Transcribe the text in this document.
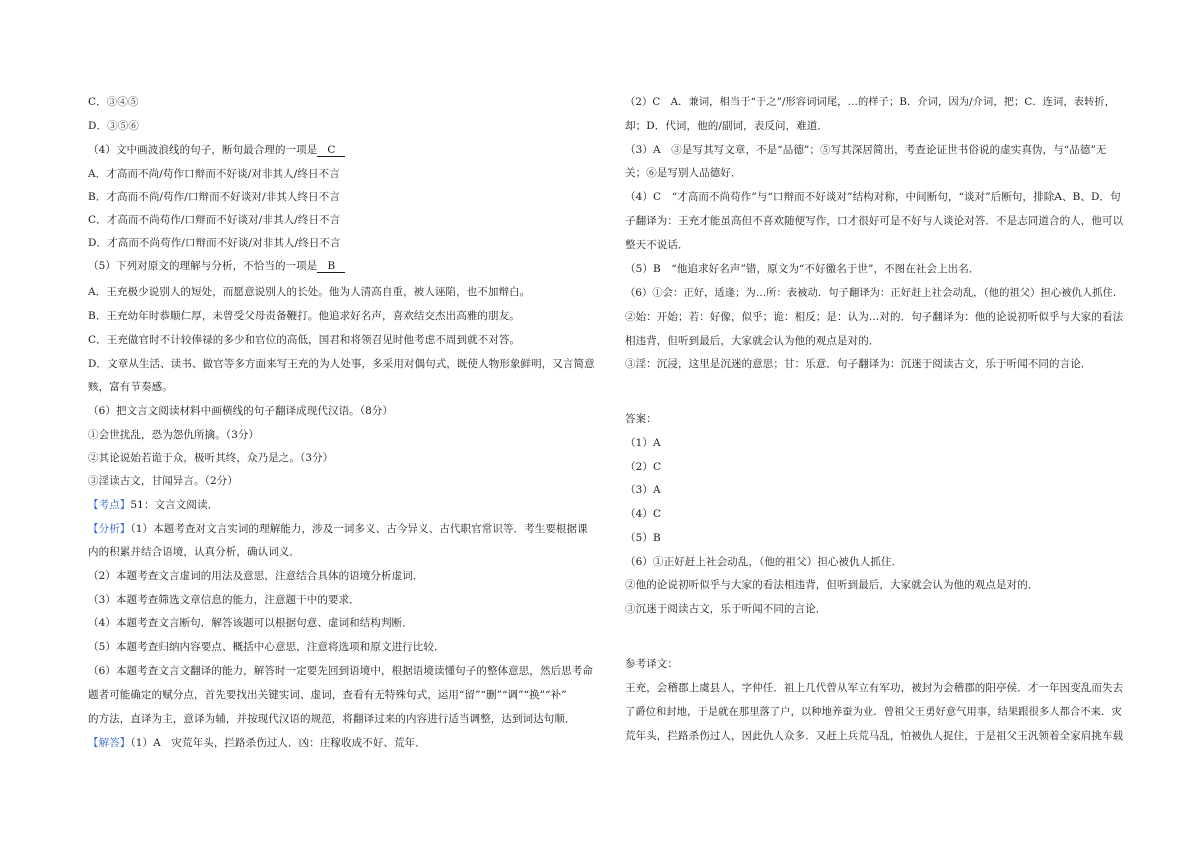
C．③④⑤
D．③⑤⑥
（4）文中画波浪线的句子，断句最合理的一项是 C
A．才高而不尚/苟作口辩而不好谈/对非其人/终日不言
B．才高而不尚/苟作/口辩而不好谈对/非其人终日不言
C．才高而不尚苟作/口辩而不好谈对/非其人/终日不言
D．才高而不尚苟作/口辩而不好谈/对非其人/终日不言
（5）下列对原文的理解与分析，不恰当的一项是 B
A．王充极少说别人的短处，而愿意说别人的长处。他为人清高自重，被人诬陷，也不加辩白。
B．王充幼年时恭顺仁厚，未曾受父母责备鞭打。他追求好名声，喜欢结交杰出高雅的朋友。
C．王充做官时不计较俸禄的多少和官位的高低，国君和将领召见时他考虑不周到就不对答。
D．文章从生活、读书、做官等多方面来写王充的为人处事，多采用对偶句式，既使人物形象鲜明，又言简意
赅，富有节奏感。
（6）把文言文阅读材料中画横线的句子翻译成现代汉语。（8分）
①会世扰乱，恐为怨仇所擒。（3分）
②其论说始若诡于众，极听其终，众乃是之。（3分）
③淫读古文，甘闻异言。（2分）
【考点】51：文言文阅读．
【分析】（1）本题考查对文言实词的理解能力，涉及一词多义、古今异义、古代职官常识等．考生要根据课
内的积累并结合语境，认真分析，确认词义．
（2）本题考查文言虚词的用法及意思，注意结合具体的语境分析虚词．
（3）本题考查筛选文章信息的能力，注意题干中的要求．
（4）本题考查文言断句．解答该题可以根据句意、虚词和结构判断．
（5）本题考查归纳内容要点、概括中心意思，注意将选项和原文进行比较．
（6）本题考查文言文翻译的能力，解答时一定要先回到语境中，根据语境读懂句子的整体意思，然后思考命
题者可能确定的赋分点，首先要找出关键实词、虚词，查看有无特殊句式，运用“留”“删”“调”“换”“补”
的方法，直译为主，意译为辅，并按现代汉语的规范，将翻译过来的内容进行适当调整，达到词达句顺．
【解答】（1）A　灾荒年头，拦路杀伤过人．凶：庄稼收成不好、荒年．
（2）C　A．兼词，相当于“于之”/形容词词尾，…的样子；B．介词，因为/介词，把；C．连词，表转折，
却；D．代词，他的/副词，表反问，难道．
（3）A　③是写其写文章，不是“品德”；⑤写其深居简出，考查论证世书俗说的虚实真伪，与“品德”无
关；⑥是写别人品德好．
（4）C　“才高而不尚苟作”与“口辩而不好谈对”结构对称，中间断句，“谈对”后断句，排除A、B、D．句
子翻译为：王充才能虽高但不喜欢随便写作，口才很好可是不好与人谈论对答．不是志同道合的人，他可以
整天不说话．
（5）B　“他追求好名声”错，原文为“不好徼名于世”，不图在社会上出名．
（6）①会：正好，适逢；为…所：表被动．句子翻译为：正好赶上社会动乱，（他的祖父）担心被仇人抓住．
②始：开始；若：好像，似乎；诡：相反；是：认为…对的．句子翻译为：他的论说初听似乎与大家的看法
相违背，但听到最后，大家就会认为他的观点是对的．
③淫：沉浸，这里是沉迷的意思；甘：乐意．句子翻译为：沉迷于阅读古文，乐于听闻不同的言论．
答案：
（1）A
（2）C
（3）A
（4）C
（5）B
（6）①正好赶上社会动乱，（他的祖父）担心被仇人抓住．
②他的论说初听似乎与大家的看法相违背，但听到最后，大家就会认为他的观点是对的．
③沉迷于阅读古文，乐于听闻不同的言论．
参考译文：
王充，会稽郡上虞县人，字仲任．祖上几代曾从军立有军功，被封为会稽郡的阳亭侯．才一年因变乱而失去
了爵位和封地，于是就在那里落了户，以种地养蚕为业．曾祖父王勇好意气用事，结果跟很多人都合不来．灾
荒年头，拦路杀伤过人，因此仇人众多．又赶上兵荒马乱，怕被仇人捉住，于是祖父王汎领着全家肩挑车载
